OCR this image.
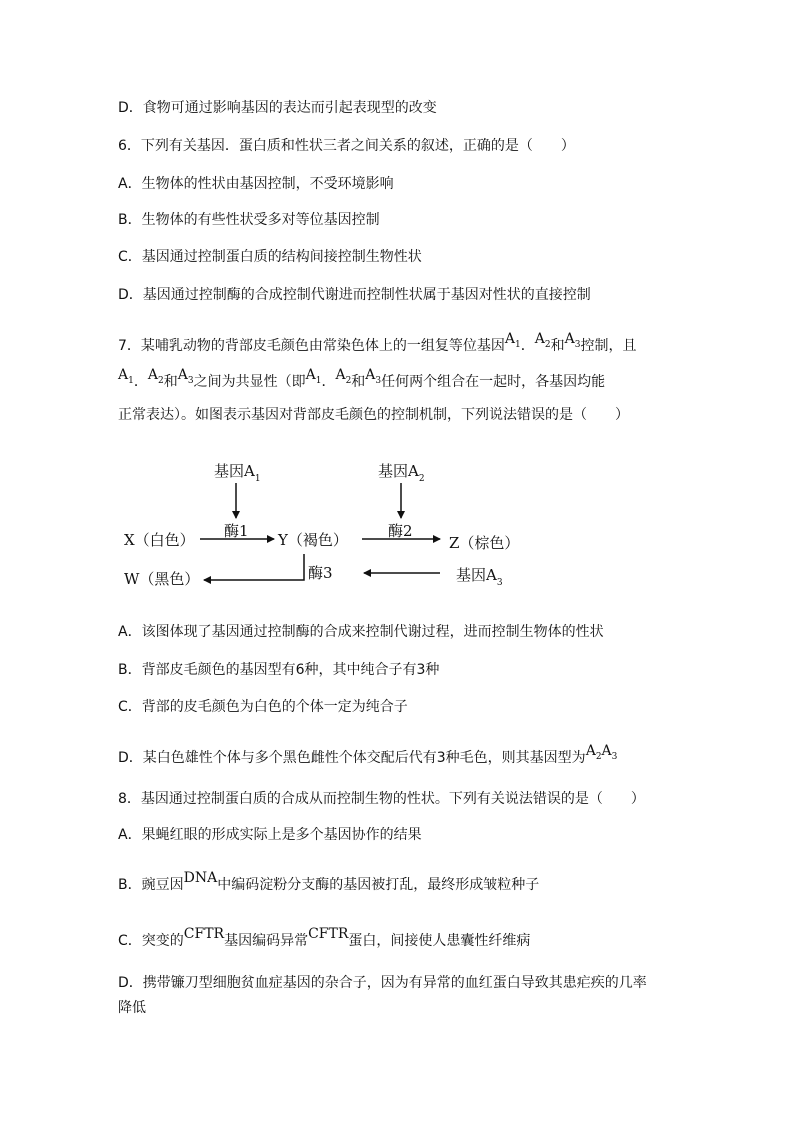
D．食物可通过影响基因的表达而引起表现型的改变
6．下列有关基因．蛋白质和性状三者之间关系的叙述，正确的是（　　）
A．生物体的性状由基因控制，不受环境影响
B．生物体的有些性状受多对等位基因控制
C．基因通过控制蛋白质的结构间接控制生物性状
D．基因通过控制酶的合成控制代谢进而控制性状属于基因对性状的直接控制
7．某哺乳动物的背部皮毛颜色由常染色体上的一组复等位基因$A_1$．$A_2$和$A_3$控制，且
$A_1$．$A_2$和$A_3$之间为共显性（即$A_1$．$A_2$和$A_3$任何两个组合在一起时，各基因均能
正常表达）。如图表示基因对背部皮毛颜色的控制机制，下列说法错误的是（　　）
基因$A_1$	基因$A_2$
酶1	酶2
X（白色）	Y（褐色）	Z（棕色）
W（黑色）	酶3	基因$A_3$
A．该图体现了基因通过控制酶的合成来控制代谢过程，进而控制生物体的性状
B．背部皮毛颜色的基因型有6种，其中纯合子有3种
C．背部的皮毛颜色为白色的个体一定为纯合子
D．某白色雄性个体与多个黑色雌性个体交配后代有3种毛色，则其基因型为$A_2A_3$
8．基因通过控制蛋白质的合成从而控制生物的性状。下列有关说法错误的是（　　）
A．果蝇红眼的形成实际上是多个基因协作的结果
B．豌豆因DNA中编码淀粉分支酶的基因被打乱，最终形成皱粒种子
C．突变的CFTR基因编码异常CFTR蛋白，间接使人患囊性纤维病
D．携带镰刀型细胞贫血症基因的杂合子，因为有异常的血红蛋白导致其患疟疾的几率
降低
